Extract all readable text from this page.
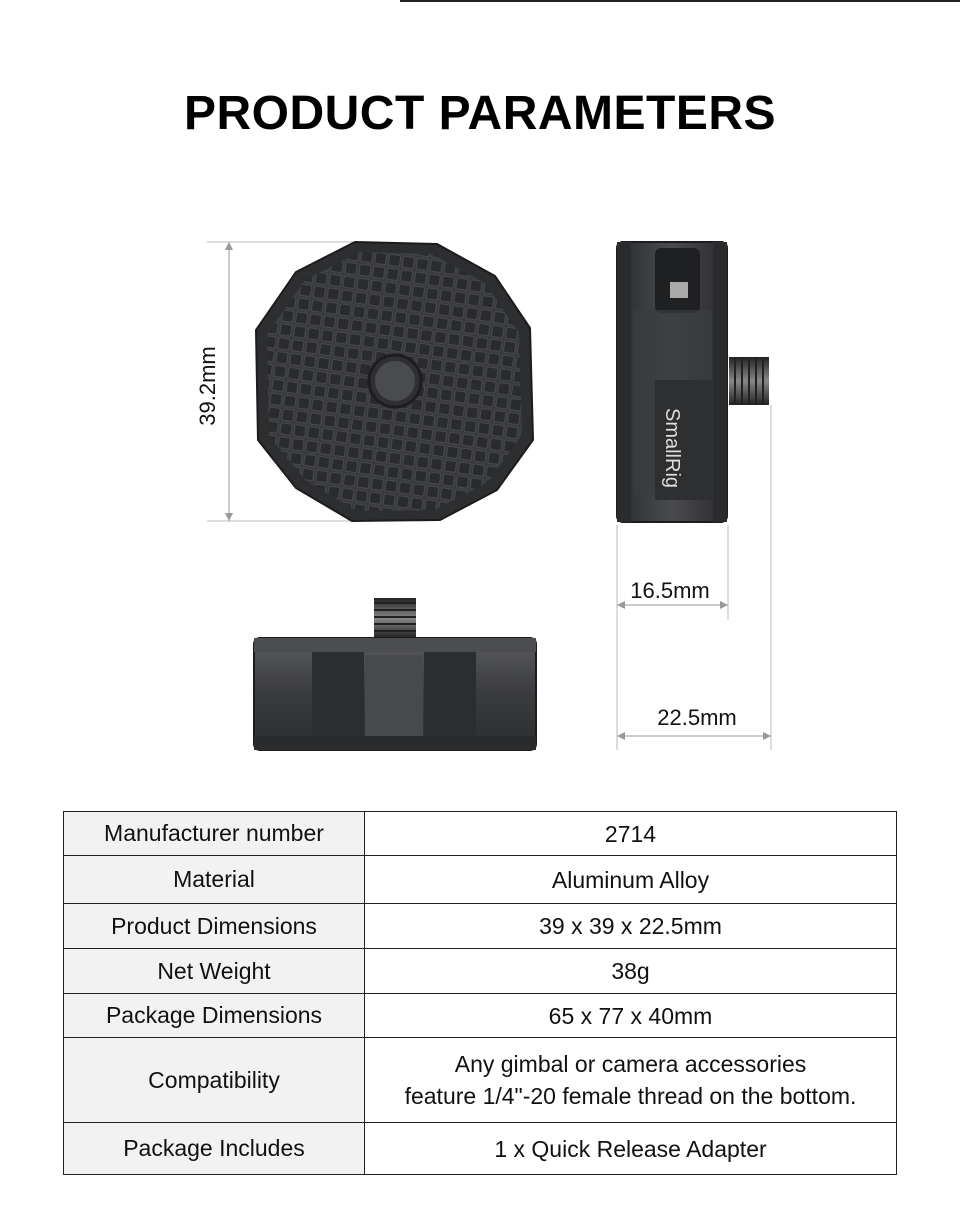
PRODUCT PARAMETERS
39.2mm
SmallRig
16.5mm
22.5mm
Manufacturer number	2714

Material	Aluminum Alloy

Product Dimensions	39 x 39 x 22.5mm

Net Weight	38g

Package Dimensions	65 x 77 x 40mm

Compatibility	Any gimbal or camera accessories
feature 1/4"-20 female thread on the bottom.

Package Includes	1 x Quick Release Adapter
